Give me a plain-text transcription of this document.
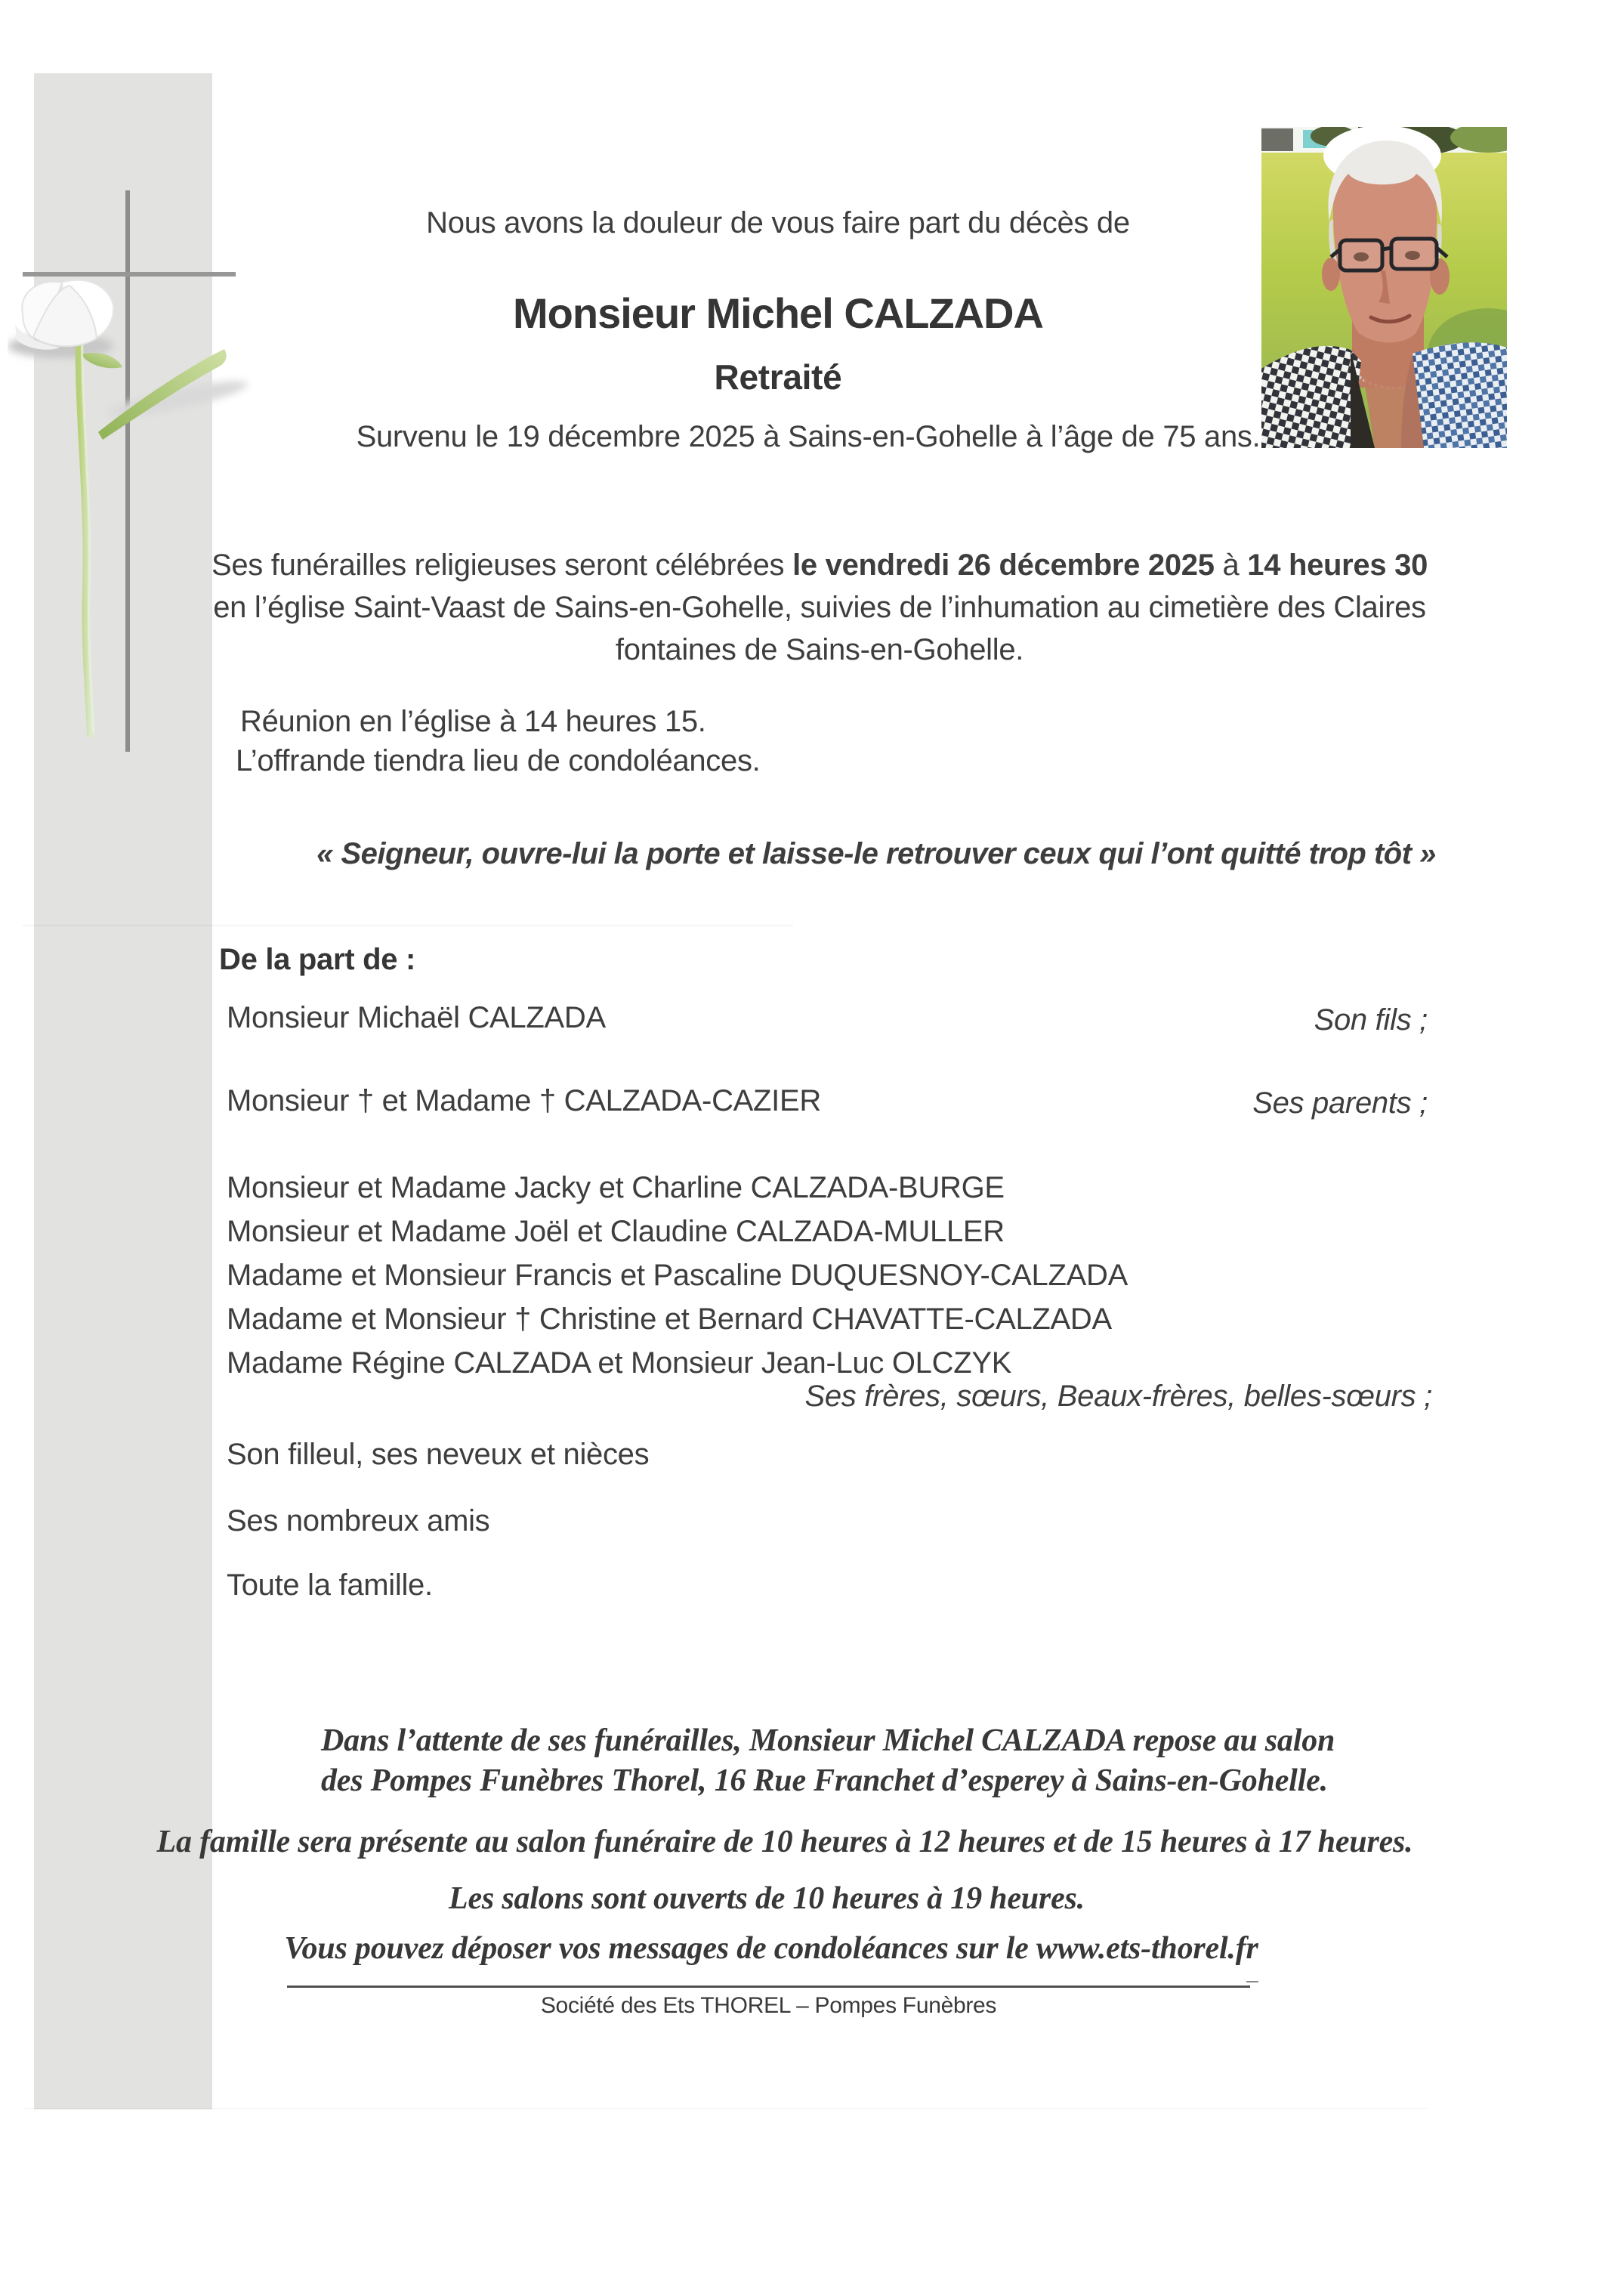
Nous avons la douleur de vous faire part du décès de
Monsieur Michel CALZADA
Retraité
Survenu le 19 décembre 2025 à Sains-en-Gohelle à l’âge de 75 ans.
Ses funérailles religieuses seront célébrées le vendredi 26 décembre 2025 à 14 heures 30
en l’église Saint-Vaast de Sains-en-Gohelle, suivies de l’inhumation au cimetière des Claires
fontaines de Sains-en-Gohelle.
Réunion en l’église à 14 heures 15.
L’offrande tiendra lieu de condoléances.
« Seigneur, ouvre-lui la porte et laisse-le retrouver ceux qui l’ont quitté trop tôt »
De la part de :
Monsieur Michaël CALZADA	Son fils ;
Monsieur † et Madame † CALZADA-CAZIER	Ses parents ;
Monsieur et Madame Jacky et Charline CALZADA-BURGE
Monsieur et Madame Joël et Claudine CALZADA-MULLER
Madame et Monsieur Francis et Pascaline DUQUESNOY-CALZADA
Madame et Monsieur † Christine et Bernard CHAVATTE-CALZADA
Madame Régine CALZADA et Monsieur Jean-Luc OLCZYK
Ses frères, sœurs, Beaux-frères, belles-sœurs ;
Son filleul, ses neveux et nièces
Ses nombreux amis
Toute la famille.
Dans l’attente de ses funérailles, Monsieur Michel CALZADA repose au salon
des Pompes Funèbres Thorel, 16 Rue Franchet d’esperey à Sains-en-Gohelle.
La famille sera présente au salon funéraire de 10 heures à 12 heures et de 15 heures à 17 heures.
Les salons sont ouverts de 10 heures à 19 heures.
Vous pouvez déposer vos messages de condoléances sur le www.ets-thorel.fr
Société des Ets THOREL – Pompes Funèbres
